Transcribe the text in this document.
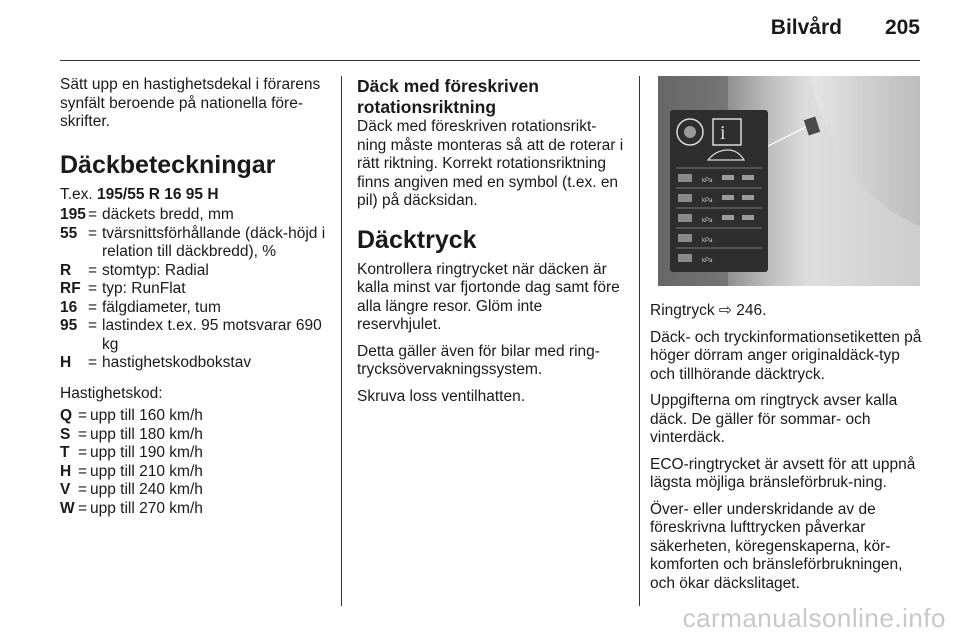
Bilvård 205

Sätt upp en hastighetsdekal i förarens synfält beroende på nationella före-skrifter.

Däckbeteckningar

T.ex. 195/55 R 16 95 H

195 = däckets bredd, mm
55 = tvärsnittsförhållande (däck-höjd i relation till däckbredd), %
R	= stomtyp: Radial
RF = typ: RunFlat
16 = fälgdiameter, tum
95 = lastindex t.ex. 95 motsvarar 690 kg
H	= hastighetskodbokstav

Hastighetskod:

Q = upp till 160 km/h
S = upp till 180 km/h
T = upp till 190 km/h
H = upp till 210 km/h
V = upp till 240 km/h
W = upp till 270 km/h
Däck med föreskriven rotationsriktning

Däck med föreskriven rotationsrikt-ning måste monteras så att de roterar i rätt riktning. Korrekt rotationsriktning finns angiven med en symbol (t.ex. en pil) på däcksidan.

Däcktryck

Kontrollera ringtrycket när däcken är kalla minst var fjortonde dag samt före alla längre resor. Glöm inte reservhjulet.

Detta gäller även för bilar med ring-trycksövervakningssystem.

Skruva loss ventilhatten.

i
kPa
kPa
kPa
kPa
kPa

Ringtryck ⇨ 246.

Däck- och tryckinformationsetiketten på höger dörram anger originaldäck-typ och tillhörande däcktryck.

Uppgifterna om ringtryck avser kalla däck. De gäller för sommar- och vinterdäck.

ECO-ringtrycket är avsett för att uppnå lägsta möjliga bränsleförbruk-ning.

Över- eller underskridande av de föreskrivna lufttrycken påverkar säkerheten, köregenskaperna, kör-komforten och bränsleförbrukningen, och ökar däckslitaget.

carmanualsonline.info
